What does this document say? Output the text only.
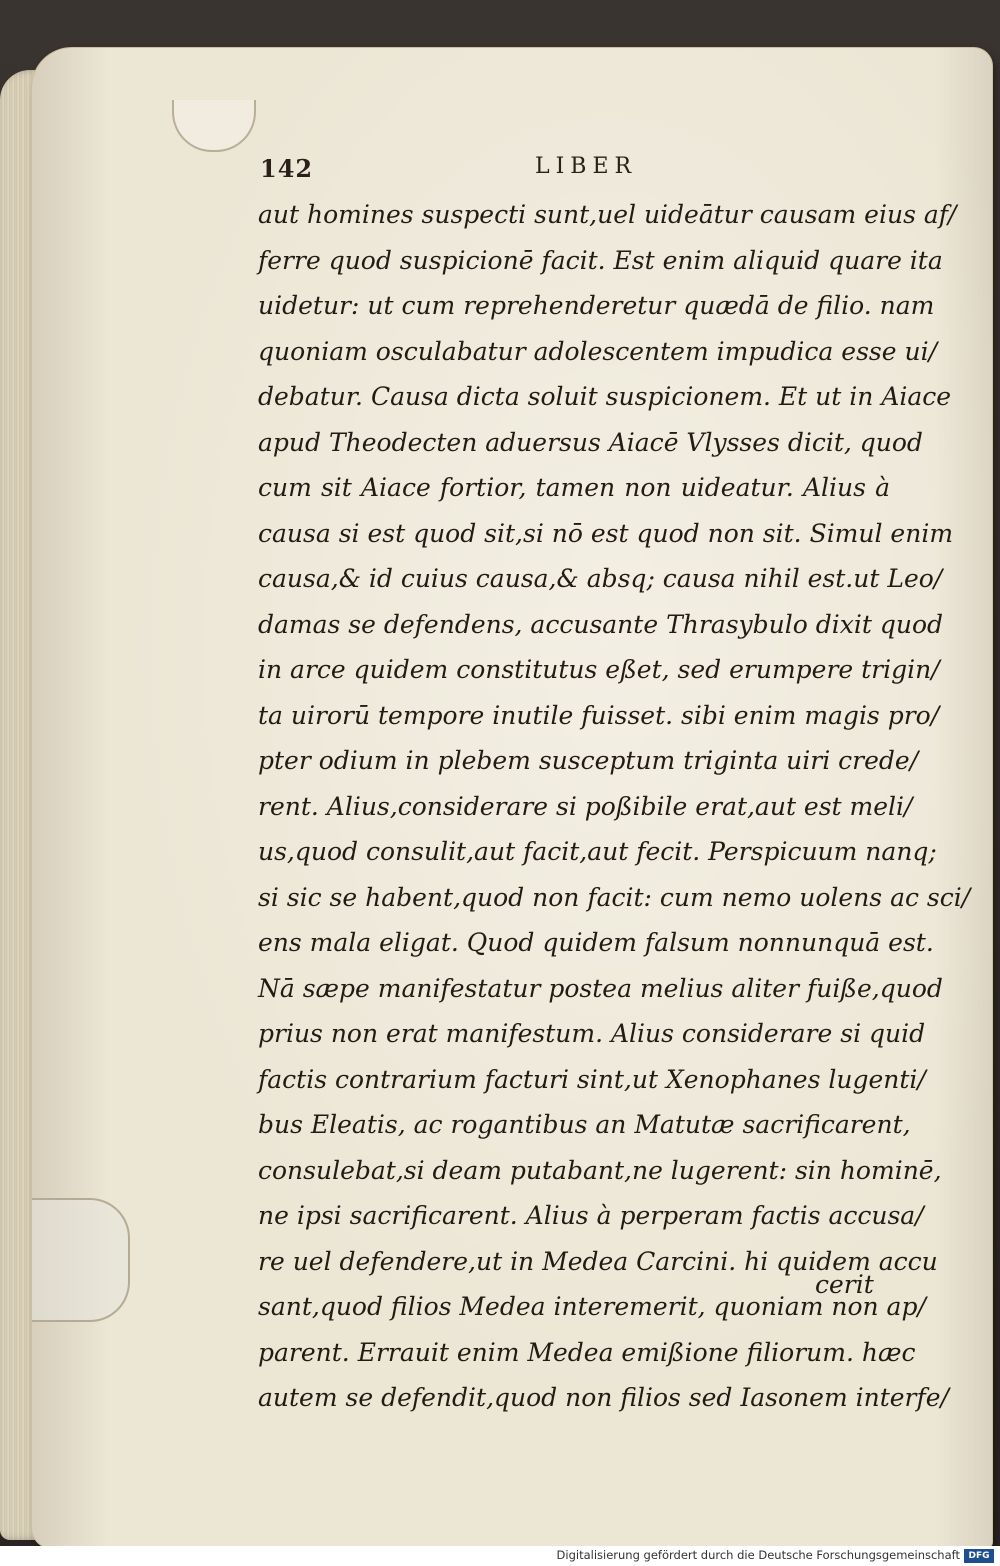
142	LIBER
aut homines suspecti sunt,uel uideātur causam eius af/
ferre quod suspicionē facit. Est enim aliquid quare ita
uidetur: ut cum reprehenderetur quædā de filio. nam
quoniam osculabatur adolescentem impudica esse ui/
debatur. Causa dicta soluit suspicionem. Et ut in Aiace
apud Theodecten aduersus Aiacē Vlysses dicit, quod
cum sit Aiace fortior, tamen non uideatur. Alius à
causa si est quod sit,si nō est quod non sit. Simul enim
causa,& id cuius causa,& absq; causa nihil est.ut Leo/
damas se defendens, accusante Thrasybulo dixit quod
in arce quidem constitutus eßet, sed erumpere trigin/
ta uirorū tempore inutile fuisset. sibi enim magis pro/
pter odium in plebem susceptum triginta uiri crede/
rent. Alius,considerare si poßibile erat,aut est meli/
us,quod consulit,aut facit,aut fecit. Perspicuum nanq;
si sic se habent,quod non facit: cum nemo uolens ac sci/
ens mala eligat. Quod quidem falsum nonnunquā est.
Nā sæpe manifestatur postea melius aliter fuiße,quod
prius non erat manifestum. Alius considerare si quid
factis contrarium facturi sint,ut Xenophanes lugenti/
bus Eleatis, ac rogantibus an Matutæ sacrificarent,
consulebat,si deam putabant,ne lugerent: sin hominē,
ne ipsi sacrificarent. Alius à perperam factis accusa/
re uel defendere,ut in Medea Carcini. hi quidem accu
sant,quod filios Medea interemerit, quoniam non ap/
parent. Errauit enim Medea emißione filiorum. hæc
autem se defendit,quod non filios sed Iasonem interfe/
cerit
Digitalisierung gefördert durch die Deutsche Forschungsgemeinschaft DFG
